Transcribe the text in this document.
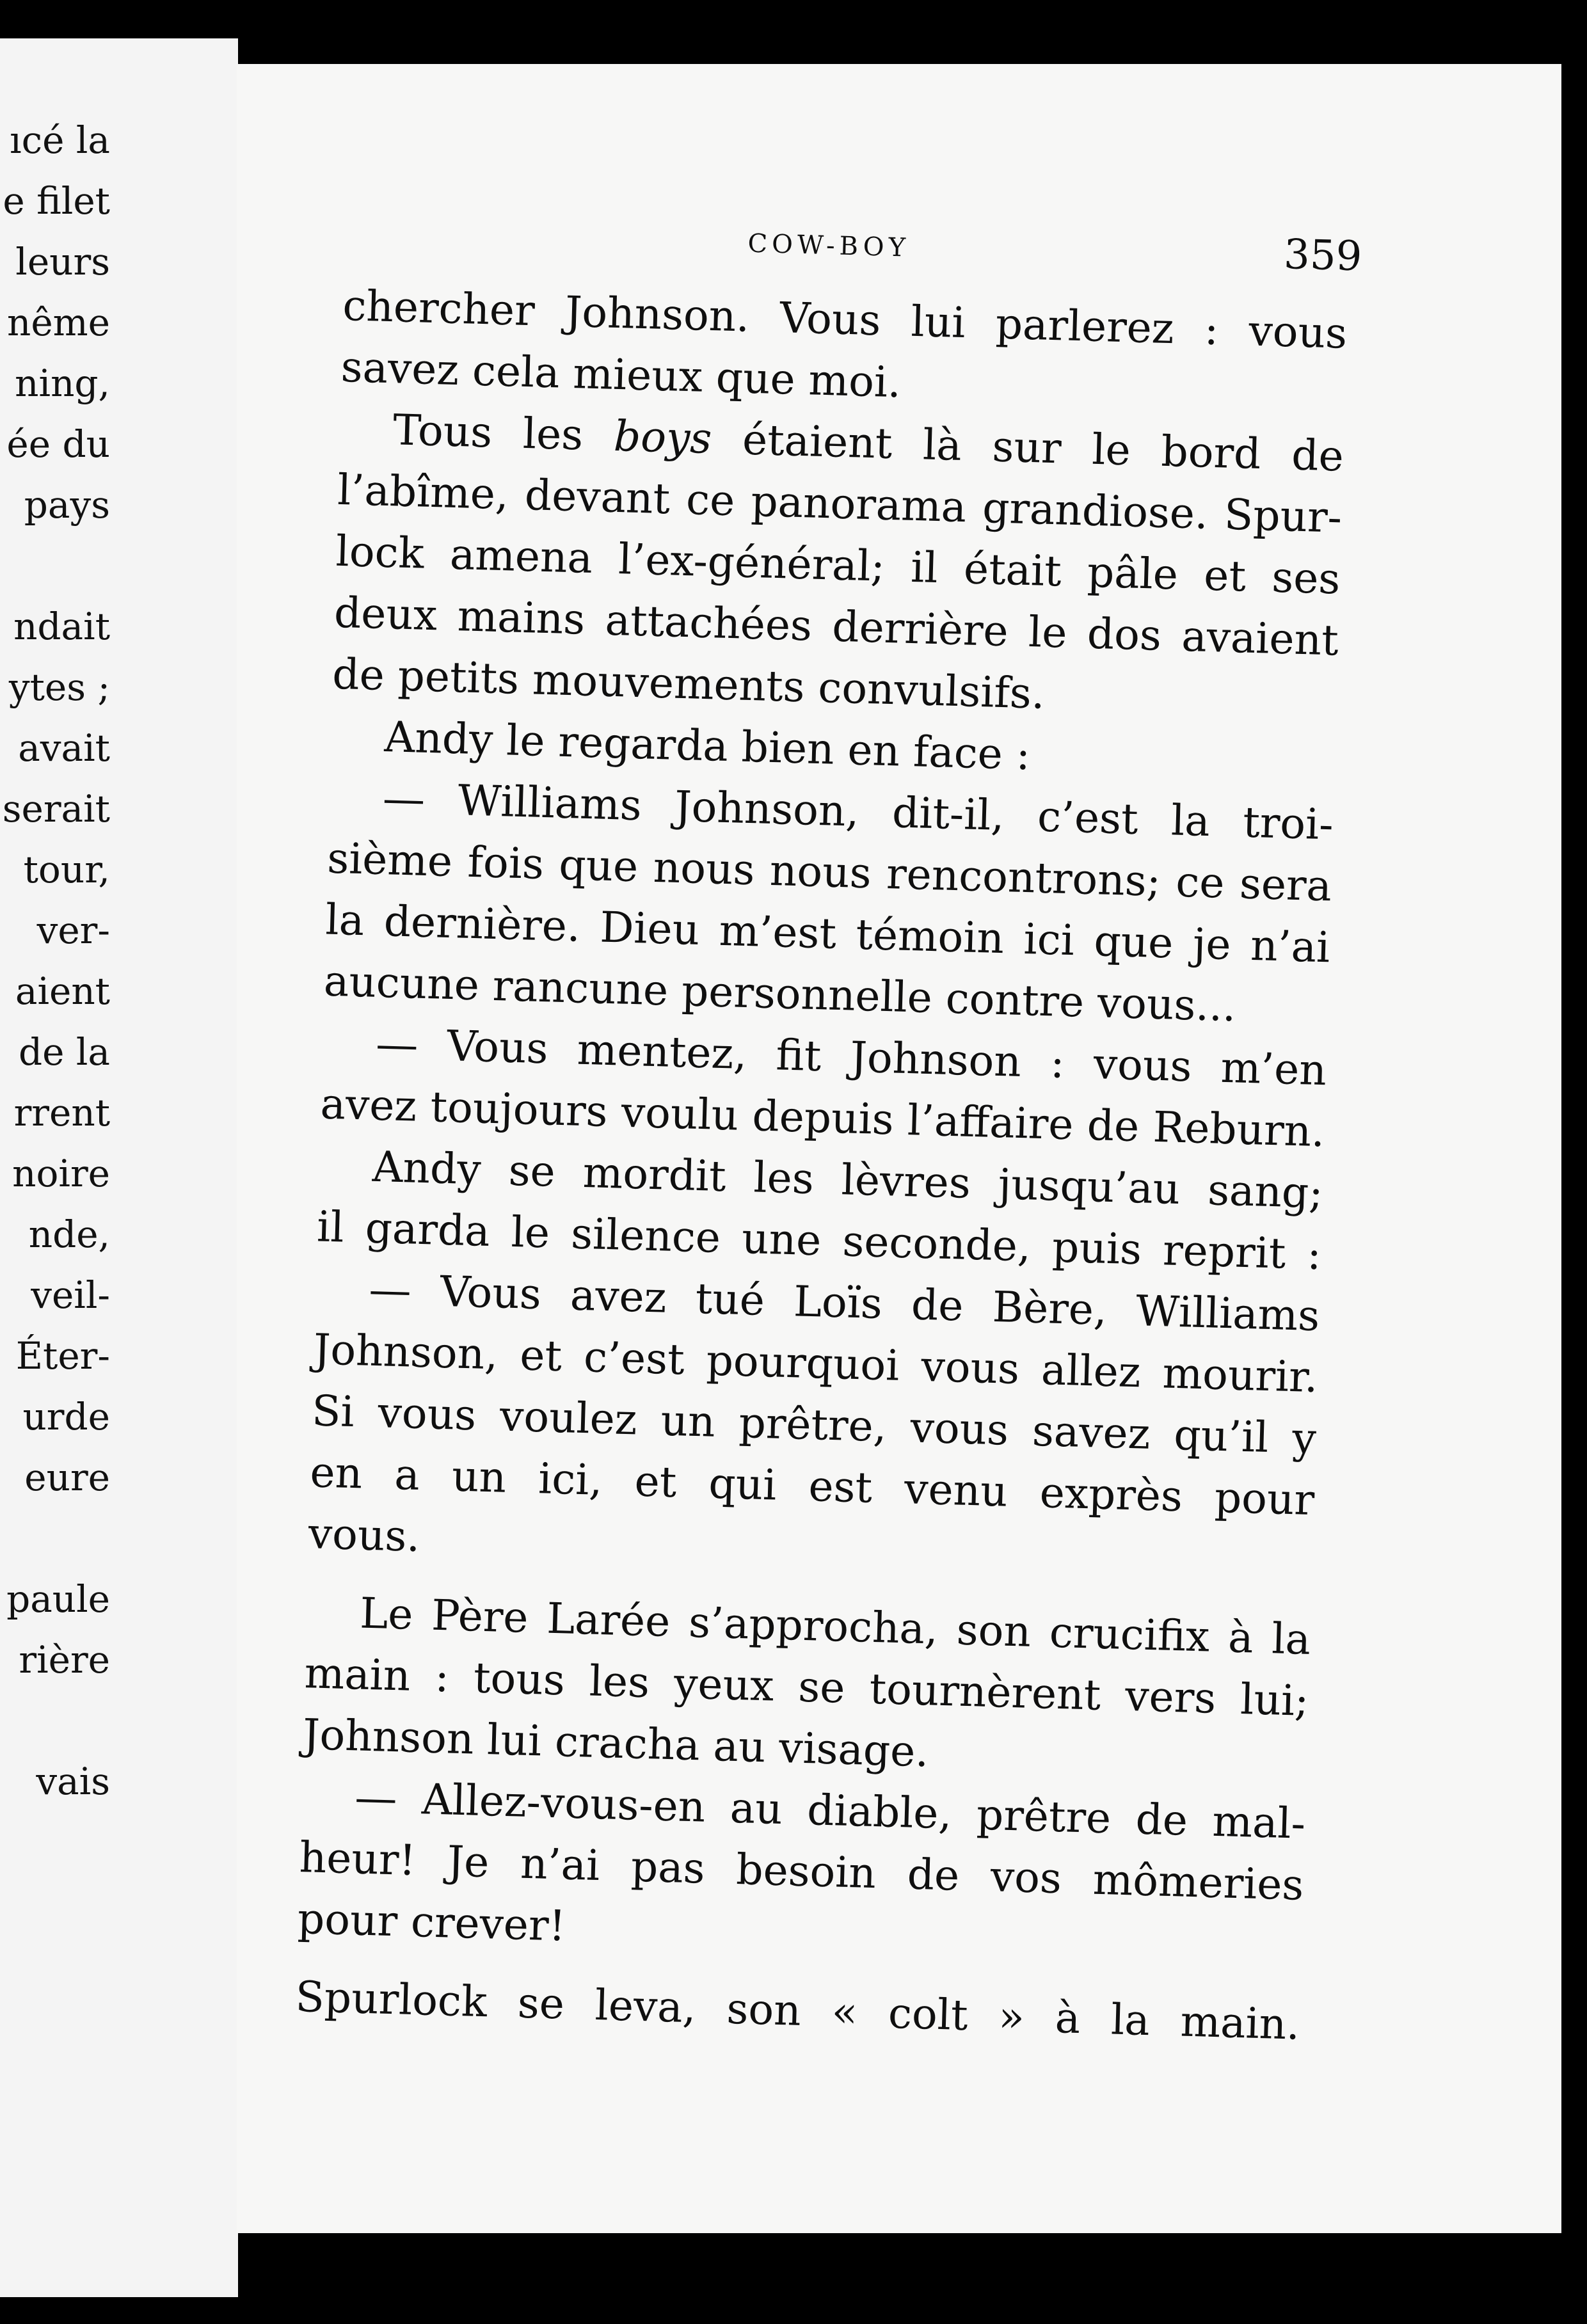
ıcé la
e filet
leurs
nême
ning,
ée du
pays
ndait
ytes ;
avait
serait
tour,
ver-
aient
de la
rrent
noire
nde,
veil-
Éter-
urde
eure
paule
rière
vais
COW-BOY	359
chercher Johnson. Vous lui parlerez : vous
savez cela mieux que moi.
Tous les boys étaient là sur le bord de
l’abîme, devant ce panorama grandiose. Spur-
lock amena l’ex-général; il était pâle et ses
deux mains attachées derrière le dos avaient
de petits mouvements convulsifs.
Andy le regarda bien en face :
— Williams Johnson, dit-il, c’est la troi-
sième fois que nous nous rencontrons; ce sera
la dernière. Dieu m’est témoin ici que je n’ai
aucune rancune personnelle contre vous...
— Vous mentez, fit Johnson : vous m’en
avez toujours voulu depuis l’affaire de Reburn.
Andy se mordit les lèvres jusqu’au sang;
il garda le silence une seconde, puis reprit :
— Vous avez tué Loïs de Bère, Williams
Johnson, et c’est pourquoi vous allez mourir.
Si vous voulez un prêtre, vous savez qu’il y
en a un ici, et qui est venu exprès pour
vous.
Le Père Larée s’approcha, son crucifix à la
main : tous les yeux se tournèrent vers lui;
Johnson lui cracha au visage.
— Allez-vous-en au diable, prêtre de mal-
heur! Je n’ai pas besoin de vos mômeries
pour crever!
Spurlock se leva, son « colt » à la main.
